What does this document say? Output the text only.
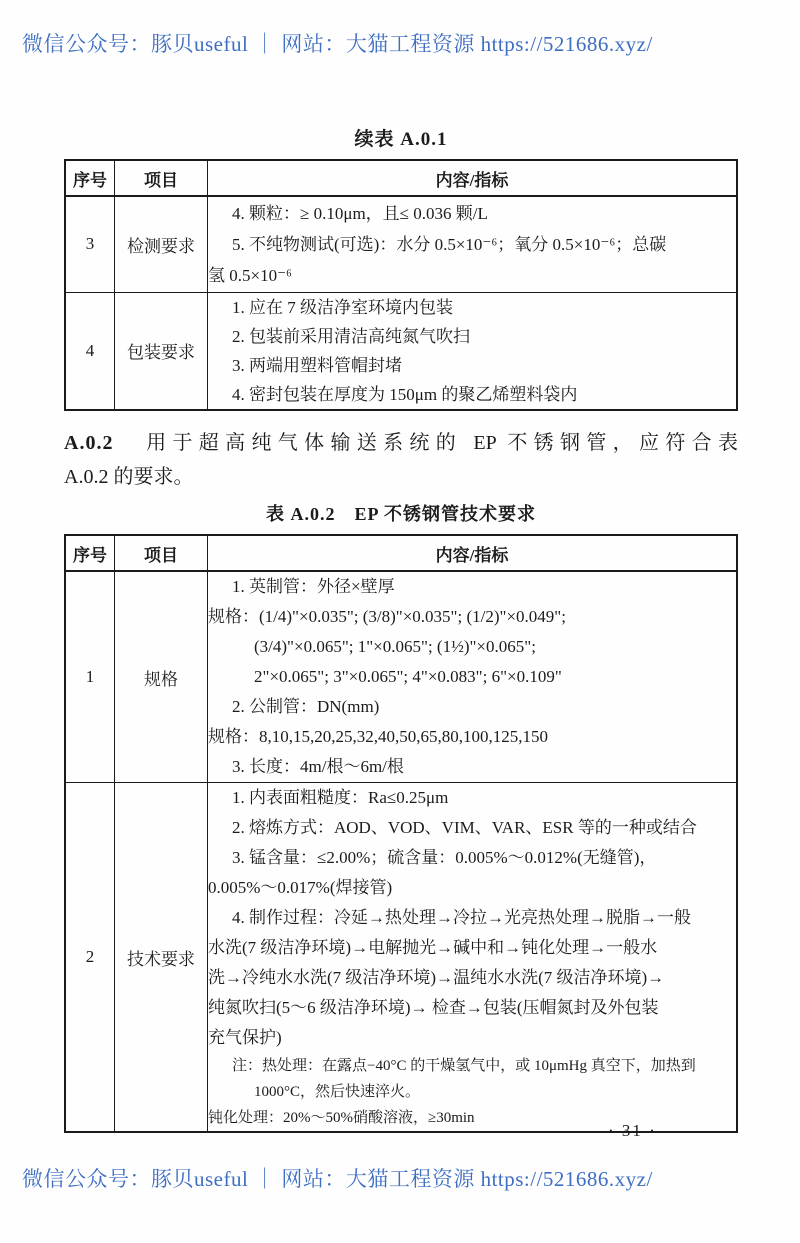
微信公众号：豚贝useful ｜ 网站：大猫工程资源 https://521686.xyz/
续表 A.0.1
序号	项目	内容/指标
3	检测要求	4. 颗粒：≥ 0.10μm，且≤ 0.036 颗/L
5. 不纯物测试(可选)：水分 0.5×10⁻⁶；氧分 0.5×10⁻⁶；总碳
氢 0.5×10⁻⁶

4	包装要求	1. 应在 7 级洁净室环境内包装
2. 包装前采用清洁高纯氮气吹扫
3. 两端用塑料管帽封堵
4. 密封包装在厚度为 150μm 的聚乙烯塑料袋内
A.0.2　 用于超高纯气体输送系统的 EP 不锈钢管，应符合表
A.0.2 的要求。
表 A.0.2　EP 不锈钢管技术要求
序号	项目	内容/指标
1	规格	
1. 英制管：外径×壁厚
规格：(1/4)"×0.035"; (3/8)"×0.035"; (1/2)"×0.049";
(3/4)"×0.065"; 1"×0.065"; (1½)"×0.065";
2"×0.065"; 3"×0.065"; 4"×0.083"; 6"×0.109"
2. 公制管：DN(mm)
规格：8,10,15,20,25,32,40,50,65,80,100,125,150
3. 长度：4m/根～6m/根

2	技术要求	
1. 内表面粗糙度：Ra≤0.25μm
2. 熔炼方式：AOD、VOD、VIM、VAR、ESR 等的一种或结合
3. 锰含量：≤2.00%；硫含量：0.005%～0.012%(无缝管)，
0.005%～0.017%(焊接管)
4. 制作过程：冷延→热处理→冷拉→光亮热处理→脱脂→一般
水洗(7 级洁净环境)→电解抛光→碱中和→钝化处理→一般水
洗→冷纯水水洗(7 级洁净环境)→温纯水水洗(7 级洁净环境)→
纯氮吹扫(5～6 级洁净环境)→ 检查→包装(压帽氮封及外包装
充气保护)
注：热处理：在露点−40°C 的干燥氢气中，或 10μmHg 真空下，加热到
1000°C，然后快速淬火。
钝化处理：20%～50%硝酸溶液，≥30min
· 31 ·
微信公众号：豚贝useful ｜ 网站：大猫工程资源 https://521686.xyz/
